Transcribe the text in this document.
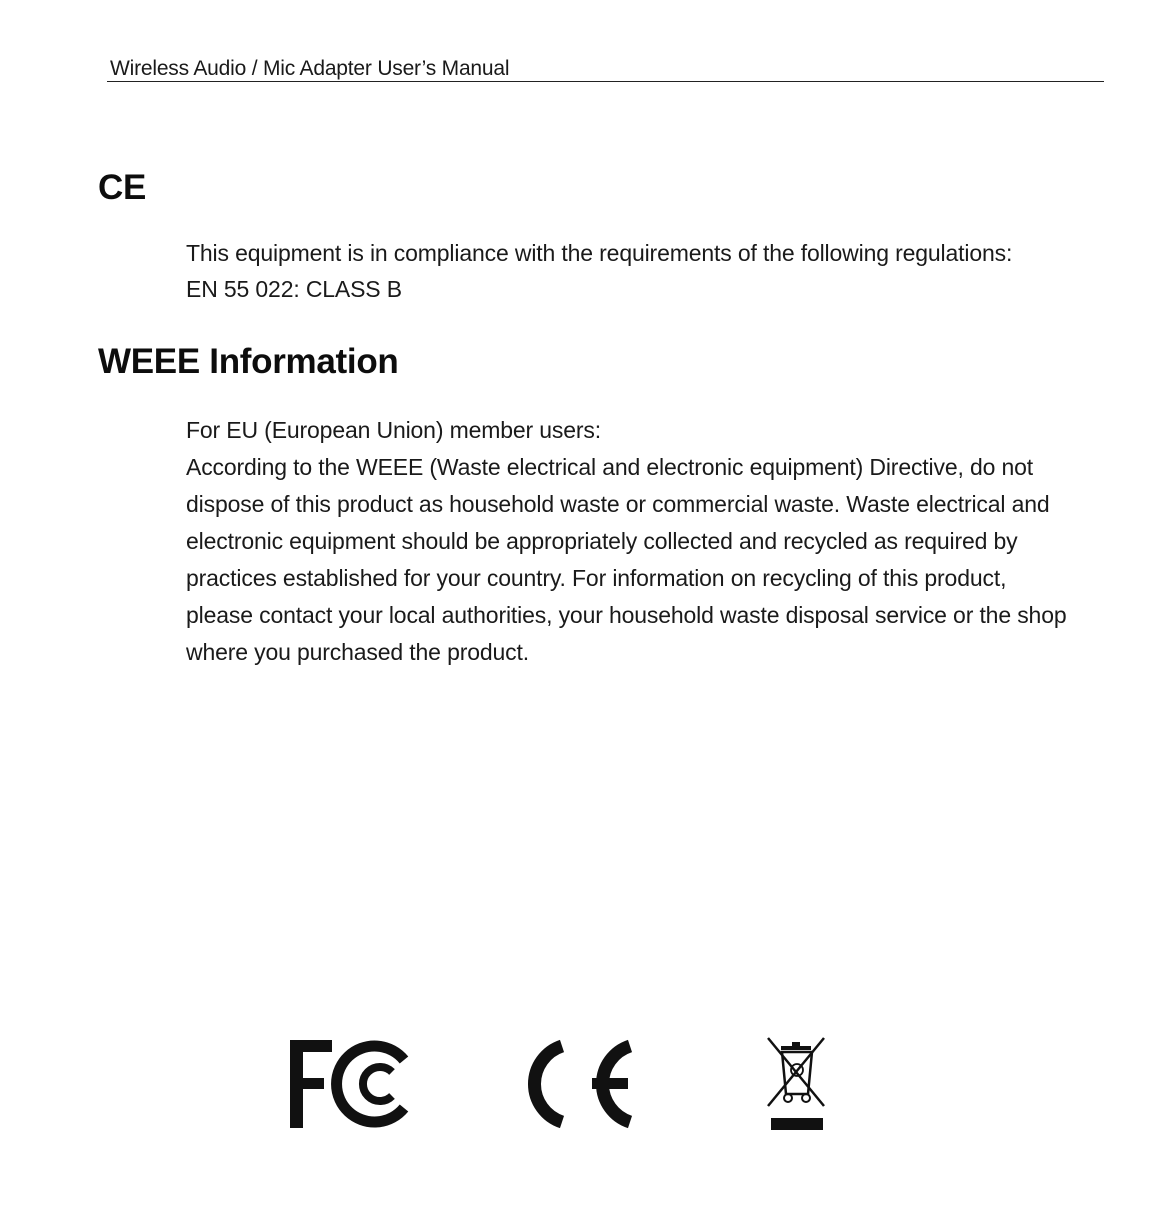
Wireless Audio / Mic Adapter User’s Manual
CE
This equipment is in compliance with the requirements of the following regulations:
EN 55 022: CLASS B
WEEE Information
For EU (European Union) member users:
According to the WEEE (Waste electrical and electronic equipment) Directive, do not
dispose of this product as household waste or commercial waste. Waste electrical and
electronic equipment should be appropriately collected and recycled as required by
practices established for your country. For information on recycling of this product,
please contact your local authorities, your household waste disposal service or the shop
where you purchased the product.
